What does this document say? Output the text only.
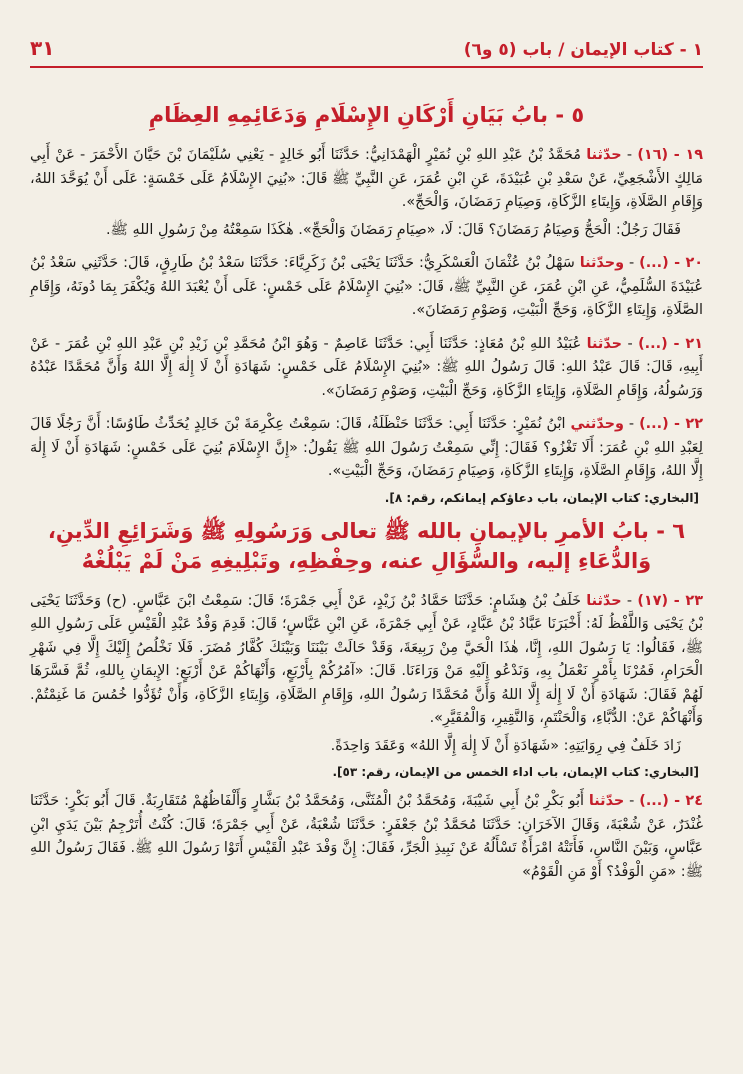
١ - كتاب الإيمان / باب (٥ و٦)
٣١
٥ - بابُ بَيَانِ أَرْكَانِ الإِسْلَامِ وَدَعَائِمِهِ العِظَامِ
١٩ - (١٦) - حدّثنا مُحَمَّدُ بْنُ عَبْدِ اللهِ بْنِ نُمَيْرٍ الْهَمْدَانِيُّ: حَدَّثَنَا أَبُو خَالِدٍ - يَعْنِي سُلَيْمَانَ بْنَ حَيَّانَ الأَحْمَرَ - عَنْ أَبِي مَالِكٍ الأَشْجَعِيِّ، عَنْ سَعْدِ بْنِ عُبَيْدَةَ، عَنِ ابْنِ عُمَرَ، عَنِ النَّبِيِّ ﷺ قَالَ: «بُنِيَ الإِسْلَامُ عَلَى خَمْسَةٍ: عَلَى أَنْ يُوَحَّدَ اللهُ، وَإِقَامِ الصَّلَاةِ، وَإِيتَاءِ الزَّكَاةِ، وَصِيَامِ رَمَضَانَ، وَالْحَجِّ».
فَقَالَ رَجُلٌ: الْحَجُّ وَصِيَامُ رَمَضَانَ؟ قَالَ: لَا، «صِيَامِ رَمَضَانَ وَالْحَجِّ». هٰكَذَا سَمِعْتُهُ مِنْ رَسُولِ اللهِ ﷺ.
٢٠ - (...) - وحدّثنا سَهْلُ بْنُ عُثْمَانَ الْعَسْكَرِيُّ: حَدَّثَنَا يَحْيَى بْنُ زَكَرِيَّاءَ: حَدَّثَنَا سَعْدُ بْنُ طَارِقٍ، قَالَ: حَدَّثَنِي سَعْدُ بْنُ عُبَيْدَةَ السُّلَمِيُّ، عَنِ ابْنِ عُمَرَ، عَنِ النَّبِيِّ ﷺ، قَالَ: «بُنِيَ الإِسْلَامُ عَلَى خَمْسٍ: عَلَى أَنْ يُعْبَدَ اللهُ وَيُكْفَرَ بِمَا دُونَهُ، وَإِقَامِ الصَّلَاةِ، وَإِيتَاءِ الزَّكَاةِ، وَحَجِّ الْبَيْتِ، وَصَوْمِ رَمَضَانَ».
٢١ - (...) - حدّثنا عُبَيْدُ اللهِ بْنُ مُعَاذٍ: حَدَّثَنَا أَبِي: حَدَّثَنَا عَاصِمٌ - وَهُوَ ابْنُ مُحَمَّدِ بْنِ زَيْدِ بْنِ عَبْدِ اللهِ بْنِ عُمَرَ - عَنْ أَبِيهِ، قَالَ: قَالَ عَبْدُ اللهِ: قَالَ رَسُولُ اللهِ ﷺ: «بُنِيَ الإِسْلَامُ عَلَى خَمْسٍ: شَهَادَةِ أَنْ لَا إِلٰهَ إِلَّا اللهُ وَأَنَّ مُحَمَّدًا عَبْدُهُ وَرَسُولُهُ، وَإِقَامِ الصَّلَاةِ، وَإِيتَاءِ الزَّكَاةِ، وَحَجِّ الْبَيْتِ، وَصَوْمِ رَمَضَانَ».
٢٢ - (...) - وحدّثني ابْنُ نُمَيْرٍ: حَدَّثَنَا أَبِي: حَدَّثَنَا حَنْظَلَةُ، قَالَ: سَمِعْتُ عِكْرِمَةَ بْنَ خَالِدٍ يُحَدِّثُ طَاوُسًا: أَنَّ رَجُلًا قَالَ لِعَبْدِ اللهِ بْنِ عُمَرَ: أَلَا تَغْزُو؟ فَقَالَ: إِنِّي سَمِعْتُ رَسُولَ اللهِ ﷺ يَقُولُ: «إِنَّ الإِسْلَامَ بُنِيَ عَلَى خَمْسٍ: شَهَادَةِ أَنْ لَا إِلٰهَ إِلَّا اللهُ، وَإِقَامِ الصَّلَاةِ، وَإِيتَاءِ الزَّكَاةِ، وَصِيَامِ رَمَضَانَ، وَحَجِّ الْبَيْتِ».
[البخاري: كتاب الإيمان، باب دعاؤكم إيمانكم، رقم: ٨].
٦ - بابُ الأمرِ بالإيمانِ بالله ﷺ تعالى وَرَسُولِهِ ﷺ وَشَرَائِعِ الدِّينِ، وَالدُّعَاءِ إليه، والسُّؤَالِ عنه، وحِفْظِهِ، وتَبْلِيغِهِ مَنْ لَمْ يَبْلُغْهُ
٢٣ - (١٧) - حدّثنا خَلَفُ بْنُ هِشَامٍ: حَدَّثَنَا حَمَّادُ بْنُ زَيْدٍ، عَنْ أَبِي جَمْرَةَ؛ قَالَ: سَمِعْتُ ابْنَ عَبَّاسٍ. (ح) وَحَدَّثَنَا يَحْيَى بْنُ يَحْيَى وَاللَّفْظُ لَهُ: أَخْبَرَنَا عَبَّادُ بْنُ عَبَّادٍ، عَنْ أَبِي جَمْرَةَ، عَنِ ابْنِ عَبَّاسٍ؛ قَالَ: قَدِمَ وَفْدُ عَبْدِ الْقَيْسِ عَلَى رَسُولِ اللهِ ﷺ، فَقَالُوا: يَا رَسُولَ اللهِ، إِنَّا، هٰذَا الْحَيَّ مِنْ رَبِيعَةَ، وَقَدْ حَالَتْ بَيْنَنَا وَبَيْنَكَ كُفَّارُ مُضَرَ. فَلَا نَخْلُصُ إِلَيْكَ إِلَّا فِي شَهْرِ الْحَرَامِ، فَمُرْنَا بِأَمْرٍ نَعْمَلُ بِهِ، وَنَدْعُو إِلَيْهِ مَنْ وَرَاءَنَا. قَالَ: «آمُرُكُمْ بِأَرْبَعٍ، وَأَنْهَاكُمْ عَنْ أَرْبَعٍ: الإِيمَانِ بِاللهِ، ثُمَّ فَسَّرَهَا لَهُمْ فَقَالَ: شَهَادَةِ أَنْ لَا إِلٰهَ إِلَّا اللهُ وَأَنَّ مُحَمَّدًا رَسُولُ اللهِ، وَإِقَامِ الصَّلَاةِ، وَإِيتَاءِ الزَّكَاةِ، وَأَنْ تُؤَدُّوا خُمُسَ مَا غَنِمْتُمْ. وَأَنْهَاكُمْ عَنْ: الدُّبَّاءِ، وَالْحَنْتَمِ، وَالنَّقِيرِ، وَالْمُقَيَّرِ».
زَادَ خَلَفٌ فِي رِوَايَتِهِ: «شَهَادَةِ أَنْ لَا إِلٰهَ إِلَّا اللهُ» وَعَقَدَ وَاحِدَةً.
[البخاري: كتاب الإيمان، باب اداء الخمس من الإيمان، رقم: ٥٣].
٢٤ - (...) - حدّثنا أَبُو بَكْرِ بْنُ أَبِي شَيْبَةَ، وَمُحَمَّدُ بْنُ الْمُثَنَّى، وَمُحَمَّدُ بْنُ بَشَّارٍ وَأَلْفَاظُهُمْ مُتَقَارِبَةٌ. قَالَ أَبُو بَكْرٍ: حَدَّثَنَا غُنْدَرٌ، عَنْ شُعْبَةَ، وَقَالَ الآخَرَانِ: حَدَّثَنَا مُحَمَّدُ بْنُ جَعْفَرٍ: حَدَّثَنَا شُعْبَةُ، عَنْ أَبِي جَمْرَةَ؛ قَالَ: كُنْتُ أُتَرْجِمُ بَيْنَ يَدَيِ ابْنِ عَبَّاسٍ، وَبَيْنَ النَّاسِ، فَأَتَتْهُ امْرَأَةٌ تَسْأَلُهُ عَنْ نَبِيذِ الْجَرِّ، فَقَالَ: إِنَّ وَفْدَ عَبْدِ الْقَيْسِ أَتَوْا رَسُولَ اللهِ ﷺ. فَقَالَ رَسُولُ اللهِ ﷺ: «مَنِ الْوَفْدُ؟ أَوْ مَنِ الْقَوْمُ»
